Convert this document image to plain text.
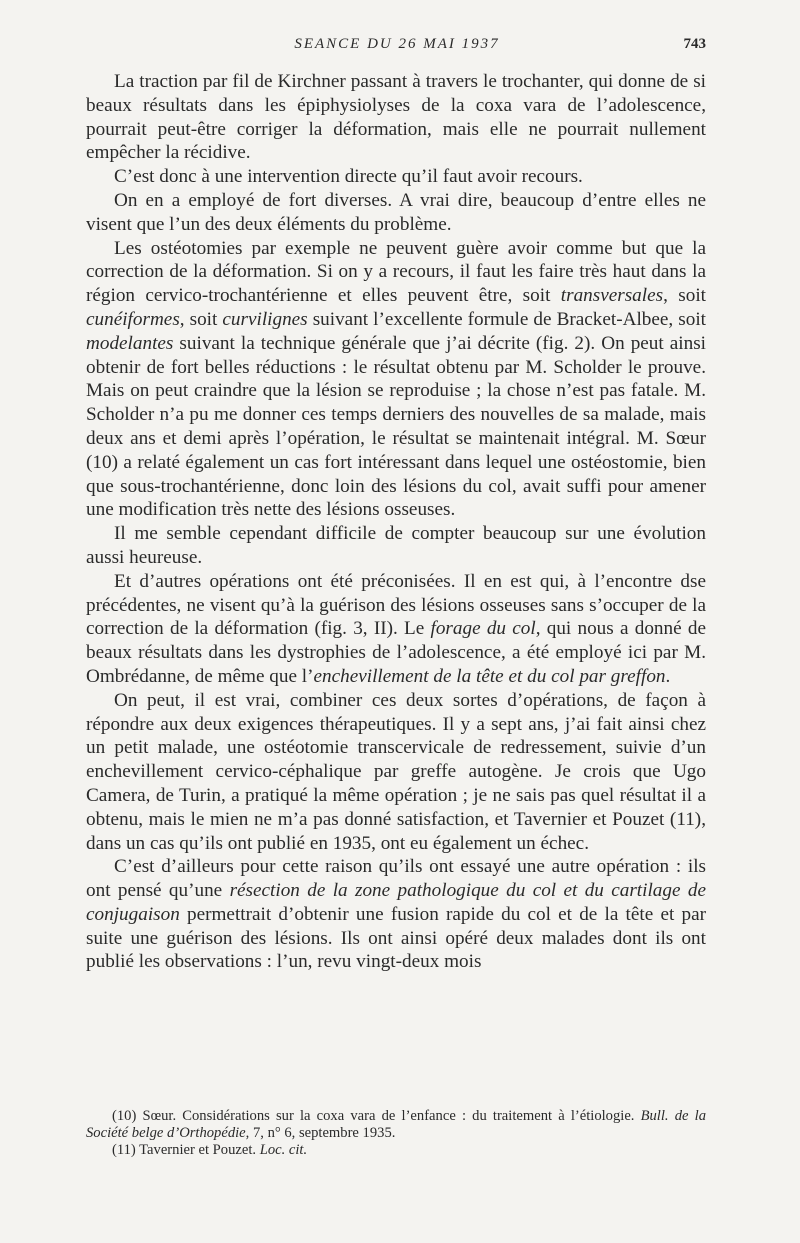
SEANCE DU 26 MAI 1937	743

La traction par fil de Kirchner passant à travers le trochanter, qui donne de si beaux résultats dans les épiphysiolyses de la coxa vara de l’adolescence, pourrait peut-être corriger la déformation, mais elle ne pourrait nullement empêcher la récidive.

C’est donc à une intervention directe qu’il faut avoir recours.

On en a employé de fort diverses. A vrai dire, beaucoup d’entre elles ne visent que l’un des deux éléments du problème.

Les ostéotomies par exemple ne peuvent guère avoir comme but que la correction de la déformation. Si on y a recours, il faut les faire très haut dans la région cervico-trochantérienne et elles peuvent être, soit transversales, soit cunéiformes, soit curvilignes suivant l’excellente formule de Bracket-Albee, soit modelantes suivant la technique générale que j’ai décrite (fig. 2). On peut ainsi obtenir de fort belles réductions : le résultat obtenu par M. Scholder le prouve. Mais on peut craindre que la lésion se reproduise ; la chose n’est pas fatale. M. Scholder n’a pu me donner ces temps derniers des nouvelles de sa malade, mais deux ans et demi après l’opération, le résultat se maintenait intégral. M. Sœur (10) a relaté également un cas fort intéressant dans lequel une ostéostomie, bien que sous-trochantérienne, donc loin des lésions du col, avait suffi pour amener une modification très nette des lésions osseuses.

Il me semble cependant difficile de compter beaucoup sur une évolution aussi heureuse.

Et d’autres opérations ont été préconisées. Il en est qui, à l’encontre dse précédentes, ne visent qu’à la guérison des lésions osseuses sans s’occuper de la correction de la déformation (fig. 3, II). Le forage du col, qui nous a donné de beaux résultats dans les dystrophies de l’adolescence, a été employé ici par M. Ombrédanne, de même que l’enchevillement de la tête et du col par greffon.

On peut, il est vrai, combiner ces deux sortes d’opérations, de façon à répondre aux deux exigences thérapeutiques. Il y a sept ans, j’ai fait ainsi chez un petit malade, une ostéotomie transcervicale de redressement, suivie d’un enchevillement cervico-céphalique par greffe autogène. Je crois que Ugo Camera, de Turin, a pratiqué la même opération ; je ne sais pas quel résultat il a obtenu, mais le mien ne m’a pas donné satisfaction, et Tavernier et Pouzet (11), dans un cas qu’ils ont publié en 1935, ont eu également un échec.

C’est d’ailleurs pour cette raison qu’ils ont essayé une autre opération : ils ont pensé qu’une résection de la zone pathologique du col et du cartilage de conjugaison permettrait d’obtenir une fusion rapide du col et de la tête et par suite une guérison des lésions. Ils ont ainsi opéré deux malades dont ils ont publié les observations : l’un, revu vingt-deux mois

(10) Sœur. Considérations sur la coxa vara de l’enfance : du traitement à l’étiologie. Bull. de la Société belge d’Orthopédie, 7, n° 6, septembre 1935.

(11) Tavernier et Pouzet. Loc. cit.
